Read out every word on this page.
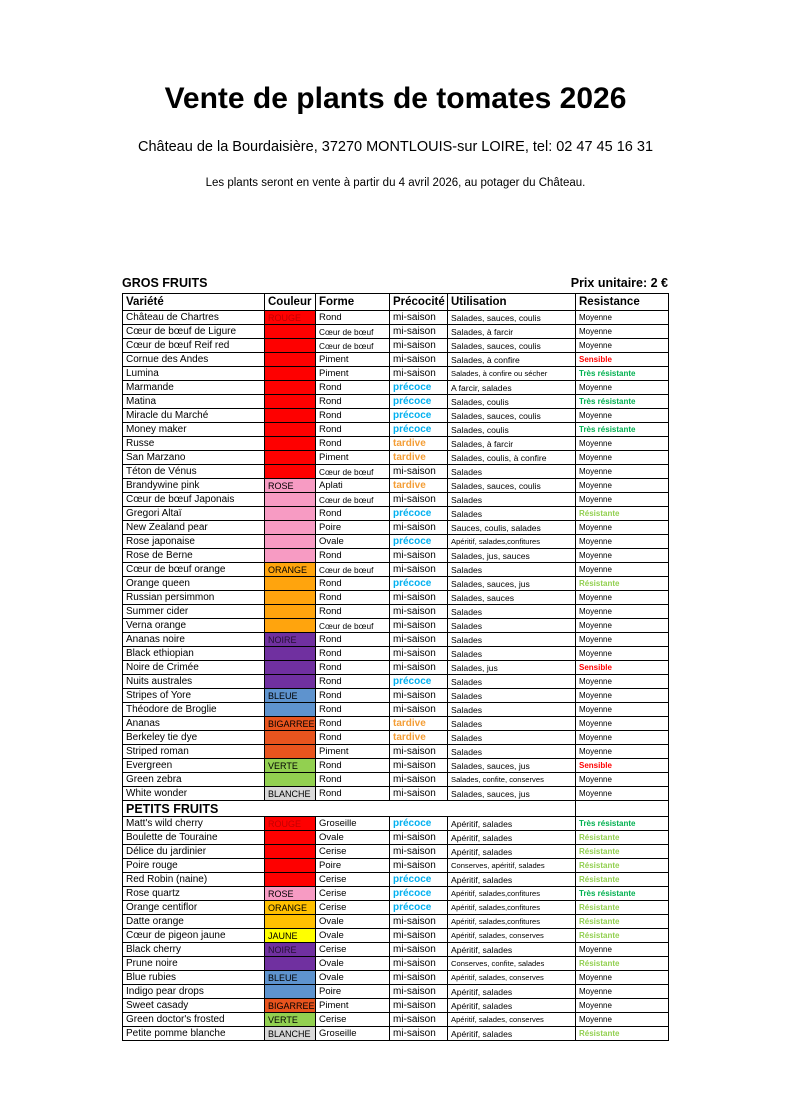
Vente de plants de tomates 2026
Château de la Bourdaisière, 37270 MONTLOUIS-sur LOIRE, tel: 02 47 45 16 31
Les plants seront en vente à partir du 4 avril 2026, au potager du Château.
GROS FRUITS	Prix unitaire: 2 €
Variété	Couleur	Forme	Précocité	Utilisation	Resistance
Château de Chartres	ROUGE	Rond	mi-saison	Salades, sauces, coulis	Moyenne
Cœur de bœuf de Ligure		Cœur de bœuf	mi-saison	Salades, à farcir	Moyenne
Cœur de bœuf Reif red		Cœur de bœuf	mi-saison	Salades, sauces, coulis	Moyenne
Cornue des Andes		Piment	mi-saison	Salades, à confire	Sensible
Lumina		Piment	mi-saison	Salades, à confire ou sécher	Très résistante
Marmande		Rond	précoce	A farcir, salades	Moyenne
Matina		Rond	précoce	Salades, coulis	Très résistante
Miracle du Marché		Rond	précoce	Salades, sauces, coulis	Moyenne
Money maker		Rond	précoce	Salades, coulis	Très résistante
Russe		Rond	tardive	Salades, à farcir	Moyenne
San Marzano		Piment	tardive	Salades, coulis, à confire	Moyenne
Téton de Vénus		Cœur de bœuf	mi-saison	Salades	Moyenne
Brandywine pink	ROSE	Aplati	tardive	Salades, sauces, coulis	Moyenne
Cœur de bœuf Japonais		Cœur de bœuf	mi-saison	Salades	Moyenne
Gregori Altaï		Rond	précoce	Salades	Résistante
New Zealand pear		Poire	mi-saison	Sauces, coulis, salades	Moyenne
Rose japonaise		Ovale	précoce	Apéritif, salades,confitures	Moyenne
Rose de Berne		Rond	mi-saison	Salades, jus, sauces	Moyenne
Cœur de bœuf orange	ORANGE	Cœur de bœuf	mi-saison	Salades	Moyenne
Orange queen		Rond	précoce	Salades, sauces, jus	Résistante
Russian persimmon		Rond	mi-saison	Salades, sauces	Moyenne
Summer cider		Rond	mi-saison	Salades	Moyenne
Verna orange		Cœur de bœuf	mi-saison	Salades	Moyenne
Ananas noire	NOIRE	Rond	mi-saison	Salades	Moyenne
Black ethiopian		Rond	mi-saison	Salades	Moyenne
Noire de Crimée		Rond	mi-saison	Salades, jus	Sensible
Nuits australes		Rond	précoce	Salades	Moyenne
Stripes of Yore	BLEUE	Rond	mi-saison	Salades	Moyenne
Théodore de Broglie		Rond	mi-saison	Salades	Moyenne
Ananas	BIGARREE	Rond	tardive	Salades	Moyenne
Berkeley tie dye		Rond	tardive	Salades	Moyenne
Striped roman		Piment	mi-saison	Salades	Moyenne
Evergreen	VERTE	Rond	mi-saison	Salades, sauces, jus	Sensible
Green zebra		Rond	mi-saison	Salades, confite, conserves	Moyenne
White wonder	BLANCHE	Rond	mi-saison	Salades, sauces, jus	Moyenne
PETITS FRUITS					
Matt's wild cherry	ROUGE	Groseille	précoce	Apéritif, salades	Très résistante
Boulette de Touraine		Ovale	mi-saison	Apéritif, salades	Résistante
Délice du jardinier		Cerise	mi-saison	Apéritif, salades	Résistante
Poire rouge		Poire	mi-saison	Conserves, apéritif, salades	Résistante
Red Robin (naine)		Cerise	précoce	Apéritif, salades	Résistante
Rose quartz	ROSE	Cerise	précoce	Apéritif, salades,confitures	Très résistante
Orange centiflor	ORANGE	Cerise	précoce	Apéritif, salades,confitures	Résistante
Datte orange		Ovale	mi-saison	Apéritif, salades,confitures	Résistante
Cœur de pigeon jaune	JAUNE	Ovale	mi-saison	Apéritif, salades, conserves	Résistante
Black cherry	NOIRE	Cerise	mi-saison	Apéritif, salades	Moyenne
Prune noire		Ovale	mi-saison	Conserves, confite, salades	Résistante
Blue rubies	BLEUE	Ovale	mi-saison	Apéritif, salades, conserves	Moyenne
Indigo pear drops		Poire	mi-saison	Apéritif, salades	Moyenne
Sweet casady	BIGARREE	Piment	mi-saison	Apéritif, salades	Moyenne
Green doctor's frosted	VERTE	Cerise	mi-saison	Apéritif, salades, conserves	Moyenne
Petite pomme blanche	BLANCHE	Groseille	mi-saison	Apéritif, salades	Résistante
